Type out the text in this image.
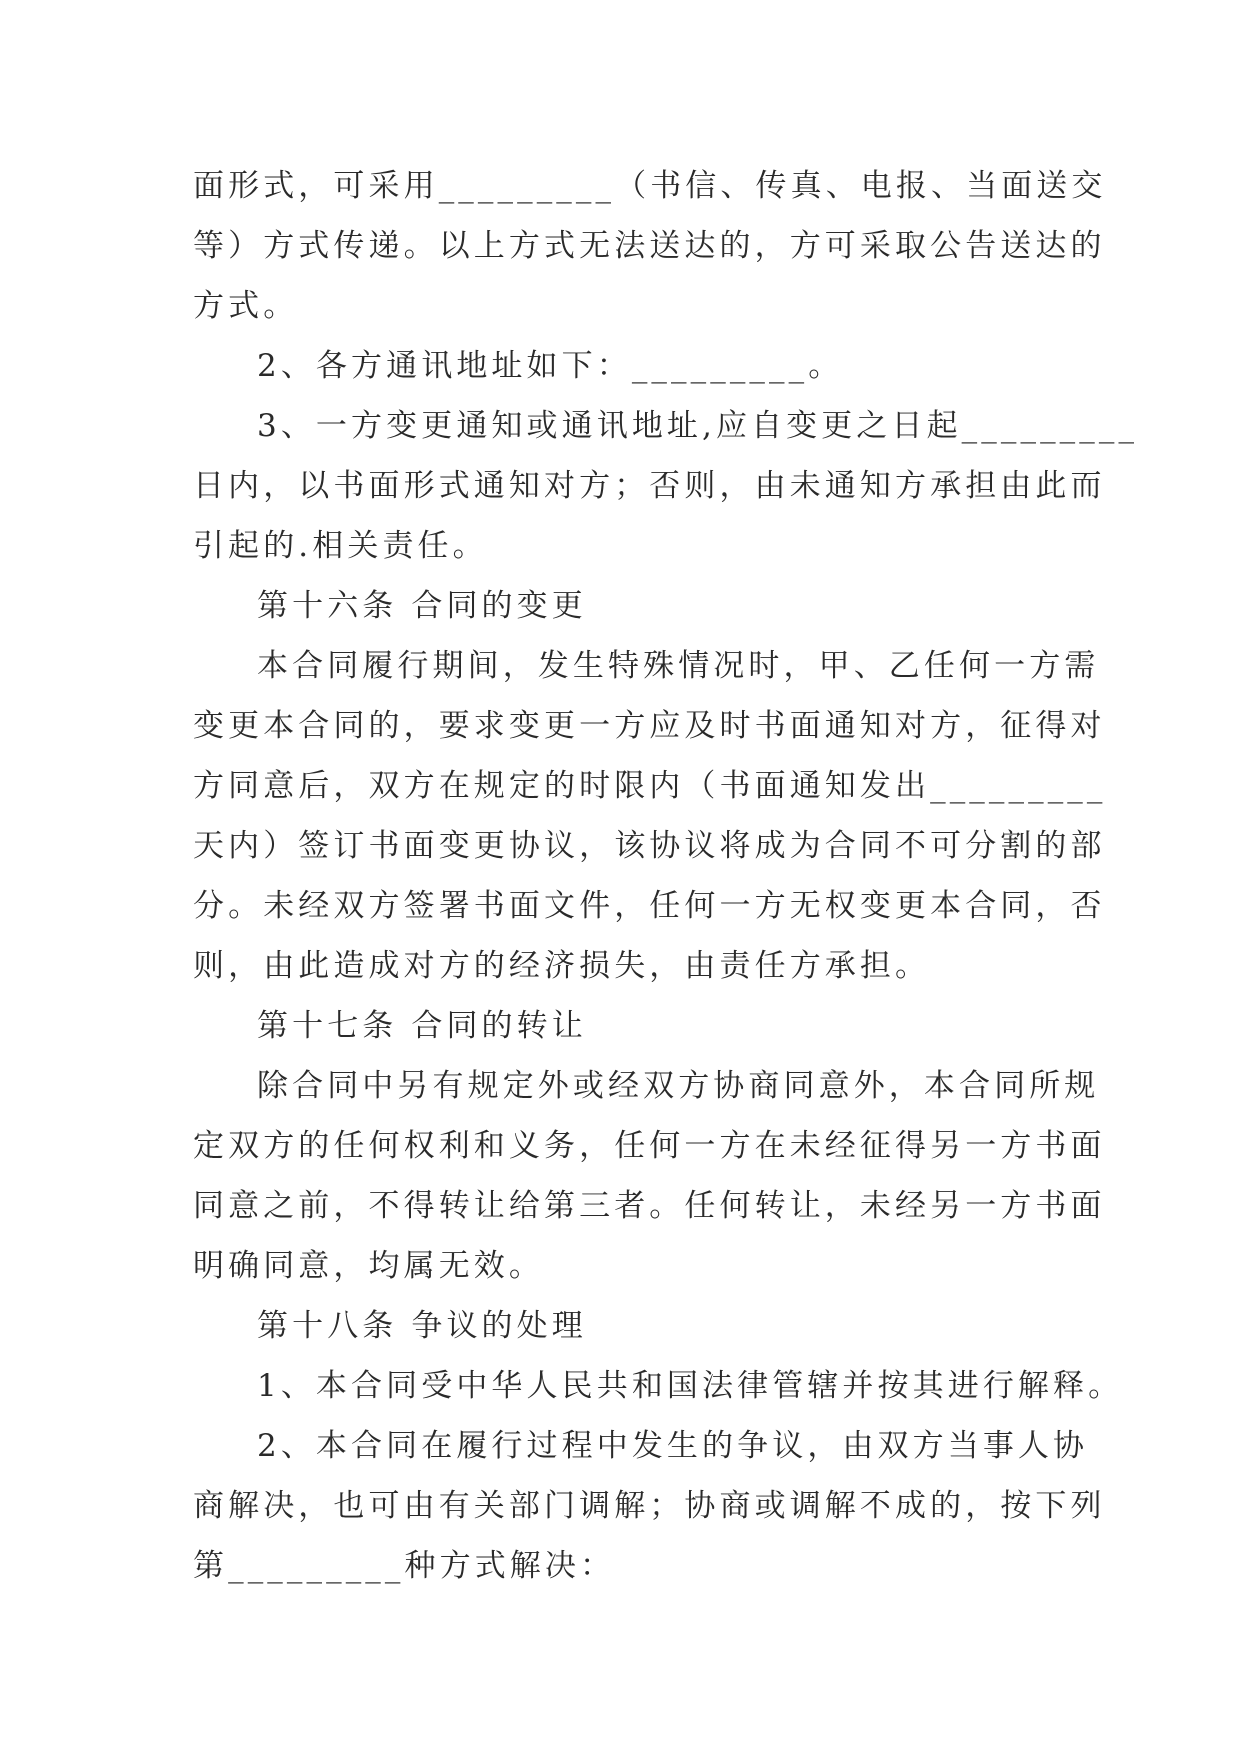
面形式，可采用_________（书信、传真、电报、当面送交
等）方式传递。以上方式无法送达的，方可采取公告送达的
方式。
2、各方通讯地址如下：_________。
3、一方变更通知或通讯地址,应自变更之日起_________
日内，以书面形式通知对方；否则，由未通知方承担由此而
引起的.相关责任。
第十六条 合同的变更
本合同履行期间，发生特殊情况时，甲、乙任何一方需
变更本合同的，要求变更一方应及时书面通知对方，征得对
方同意后，双方在规定的时限内（书面通知发出_________
天内）签订书面变更协议，该协议将成为合同不可分割的部
分。未经双方签署书面文件，任何一方无权变更本合同，否
则，由此造成对方的经济损失，由责任方承担。
第十七条 合同的转让
除合同中另有规定外或经双方协商同意外，本合同所规
定双方的任何权利和义务，任何一方在未经征得另一方书面
同意之前，不得转让给第三者。任何转让，未经另一方书面
明确同意，均属无效。
第十八条 争议的处理
1、本合同受中华人民共和国法律管辖并按其进行解释。
2、本合同在履行过程中发生的争议，由双方当事人协
商解决，也可由有关部门调解；协商或调解不成的，按下列
第_________种方式解决：
